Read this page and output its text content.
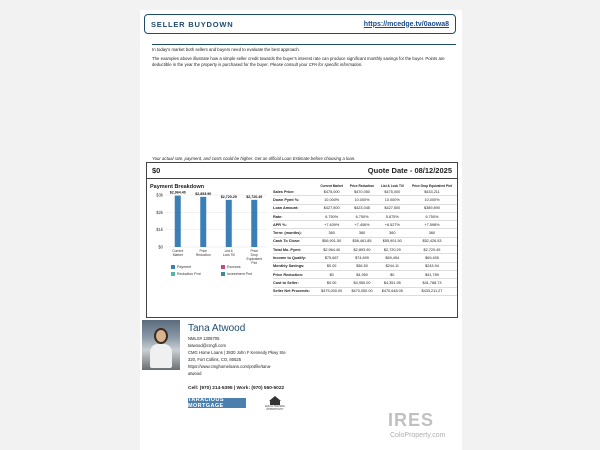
SELLER BUYDOWN	https://mcedge.tv/0aowa8

In today's market both sellers and buyers need to evaluate the best approach.

The examples above illustrate how a simple seller credit towards the buyer's interest rate can produce significant monthly savings for the buyer. Points are deductible in the year the property is purchased for the buyer. Please consult your CPA for specific information.

Your actual rate, payment, and costs could be higher. Get an official Loan Estimate before choosing a loan.
$0	Quote Date - 08/12/2025
Payment Breakdown
$0
$1k
$2k
$3k $2,964.40
Current
Market
$2,893.90
Price
Reduction
$2,720.29
List &
Lock Till
$2,720.49
Price
Drop
Equivalent
Pint
Payment	Escrows
Reduction Pmt	Investment Pmt
	Current Market	Price Reduction	List & Lock Till	Price Drop Equivalent Pint
Sales Price:	$475,000	$470,050	$475,000	$433,211
Down Pymt %:	10.000%	10.000%	10.000%	10.000%
Loan Amount:	$427,500	$423,045	$427,500	$389,890
Rate:	6.750%	6.750%	5.875%	6.750%
APR %:	+7.409%	+7.406%	+6.527%	+7.598%
Term: (months):	360	360	360	360
Cash To Close:	$56,901.50	$56,461.85	$55,901.50	$52,426.53
Total Mo. Pymt:	$2,964.40	$2,893.90	$2,720.29	$2,720.49
Income to Qualify:	$75,667	$74,699	$69,454	$69,459
Monthly Savings:	$0.00	$36.50	$244.11	$243.94
Price Reduction:	$0	$4,950	$0	$41,789
Cost to Seller:	$0.00	$4,950.00	$4,351.95	$41,788.73
Seller Net Proceeds:	$475,000.00	$470,050.00	$470,648.05	$433,211.27
Tana Atwood
NMLS# 1308705
tatwood@cmgfi.com
CMG Home Loans | 3930 John F Kennedy Pkwy Ste
320, Fort Collins, CO, 80525
https://www.cmghomeloans.com/profile/tana-
atwood
Cell: (970) 214-5395 | Work: (970) 560-5022
TARACIOUS MORTGAGE	EQUAL HOUSING OPPORTUNITY
IRES
ColoProperty.com
